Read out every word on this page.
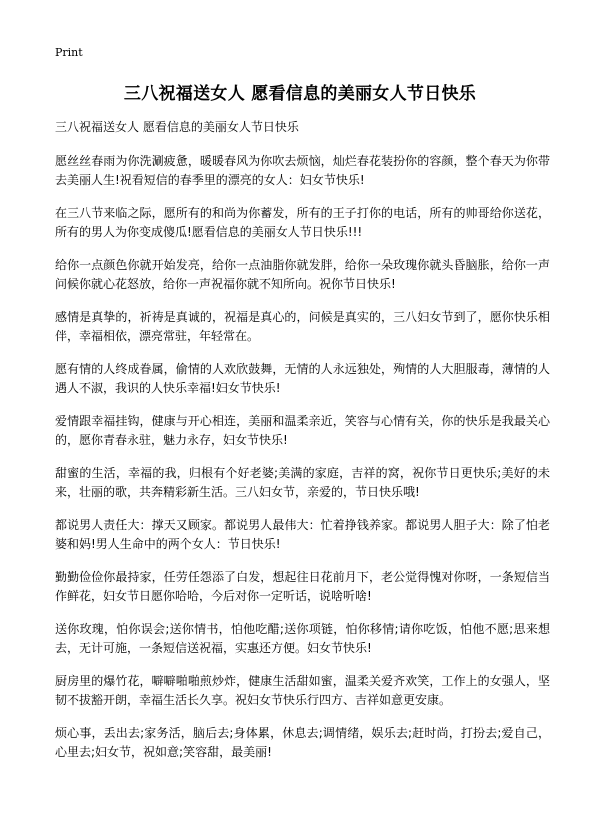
Print
三八祝福送女人 愿看信息的美丽女人节日快乐

三八祝福送女人 愿看信息的美丽女人节日快乐

愿丝丝春雨为你洗涮疲惫，暖暖春风为你吹去烦恼，灿烂春花装扮你的容颜，整个春天为你带去美丽人生!祝看短信的春季里的漂亮的女人：妇女节快乐!

在三八节来临之际，愿所有的和尚为你蓄发，所有的王子打你的电话，所有的帅哥给你送花， 所有的男人为你变成傻瓜!愿看信息的美丽女人节日快乐!!!

给你一点颜色你就开始发亮，给你一点油脂你就发胖，给你一朵玫瑰你就头昏脑胀，给你一声问候你就心花怒放，给你一声祝福你就不知所向。祝你节日快乐!

感情是真挚的，祈祷是真诚的，祝福是真心的，问候是真实的，三八妇女节到了，愿你快乐相伴，幸福相依，漂亮常驻，年轻常在。

愿有情的人终成眷属，偷情的人欢欣鼓舞，无情的人永远独处，殉情的人大胆服毒，薄情的人遇人不淑，我识的人快乐幸福!妇女节快乐!

爱情跟幸福挂钩，健康与开心相连，美丽和温柔亲近，笑容与心情有关，你的快乐是我最关心的，愿你青春永驻，魅力永存，妇女节快乐!

甜蜜的生活，幸福的我，归根有个好老婆;美满的家庭，吉祥的窝，祝你节日更快乐;美好的未来，壮丽的歌，共奔精彩新生活。三八妇女节，亲爱的，节日快乐哦!

都说男人责任大：撑天又顾家。都说男人最伟大：忙着挣钱养家。都说男人胆子大：除了怕老婆和妈!男人生命中的两个女人：节日快乐!

勤勤俭俭你最持家，任劳任怨添了白发，想起往日花前月下，老公觉得愧对你呀，一条短信当作鲜花，妇女节日愿你哈哈，今后对你一定听话，说啥听啥!

送你玫瑰，怕你误会;送你情书，怕他吃醋;送你项链，怕你移情;请你吃饭，怕他不愿;思来想去，无计可施，一条短信送祝福，实惠还方便。妇女节快乐!

厨房里的爆竹花，噼噼啪啪煎炒炸，健康生活甜如蜜，温柔关爱齐欢笑，工作上的女强人，坚韧不拔豁开朗，幸福生活长久享。祝妇女节快乐行四方、吉祥如意更安康。

烦心事，丢出去;家务活，脑后去;身体累，休息去;调情绪，娱乐去;赶时尚，打扮去;爱自己，心里去;妇女节，祝如意;笑容甜，最美丽!
